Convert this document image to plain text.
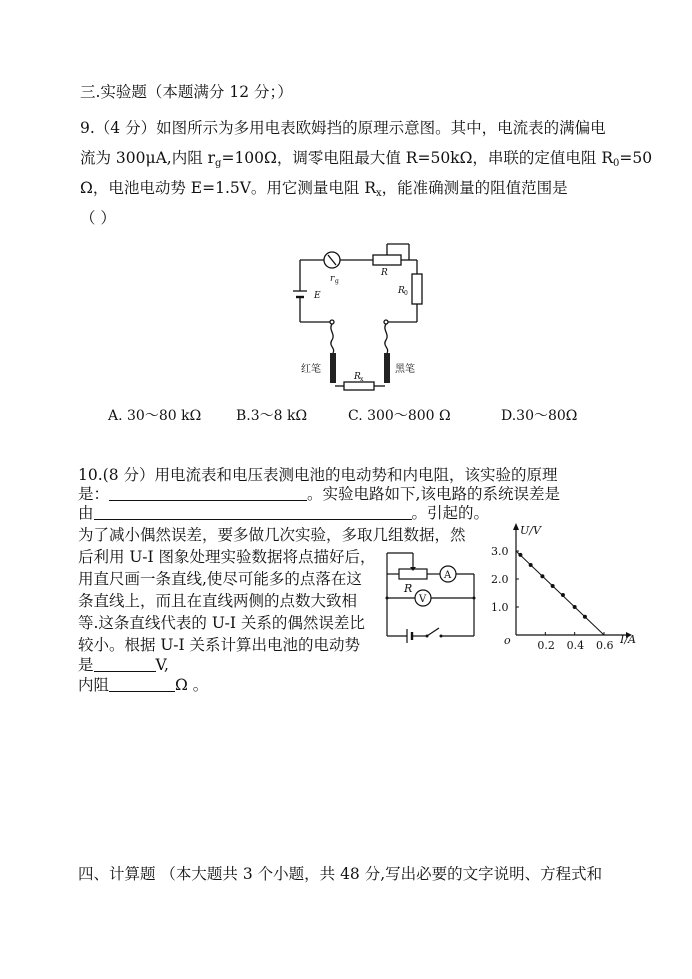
三.实验题（本题满分 12 分；）
9.（4 分）如图所示为多用电表欧姆挡的原理示意图。其中，电流表的满偏电
流为 300μA,内阻 $r_g=100\Omega$，调零电阻最大值 R=50kΩ，串联的定值电阻 $R_0=50$
Ω，电池电动势 E=1.5V。用它测量电阻 $R_x$，能准确测量的阻值范围是
（ ）
r g
R
E	R 0
R x
红笔	黑笔
A. 30～80 kΩ B.3～8 kΩ	C. 300～800 Ω	D.30～80Ω
10.(8 分）用电流表和电压表测电池的电动势和内电阻，该实验的原理
是：	。实验电路如下,该电路的系统误差是
由	。引起的。
为了减小偶然误差，要多做几次实验，多取几组数据，然
后利用 U-I 图象处理实验数据将点描好后，
用直尺画一条直线,使尽可能多的点落在这
条直线上，而且在直线两侧的点数大致相
等.这条直线代表的 U-I 关系的偶然误差比
较小。根据 U-I 关系计算出电池的电动势
是	V,
内阻	Ω 。
R
A
V
U/V
I/A
o 0.2 0.4 0.6
3.0
2.0
1.0
四、计算题 （本大题共 3 个小题，共 48 分,写出必要的文字说明、方程式和
